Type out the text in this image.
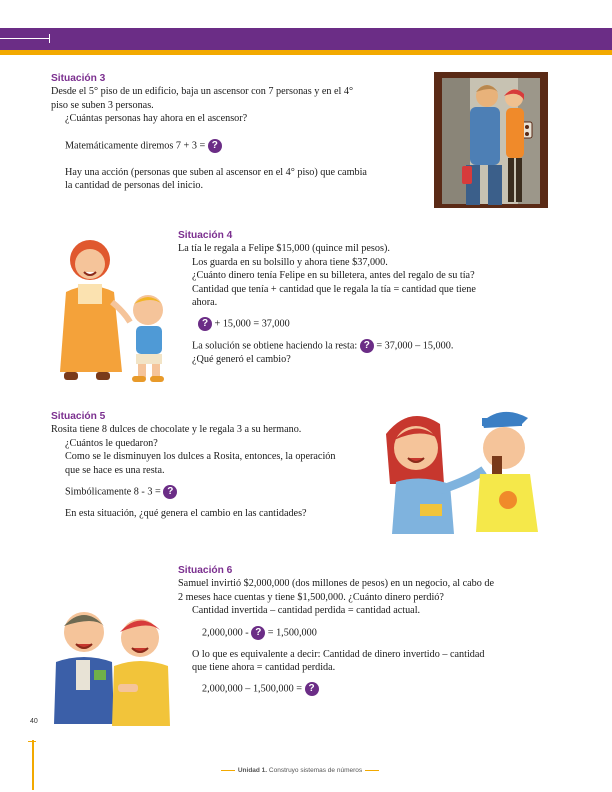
Situación 3
Desde el 5° piso de un edificio, baja un ascensor con 7 personas y en el 4°
piso se suben 3 personas.
¿Cuántas personas hay ahora en el ascensor?
Matemáticamente diremos 7 + 3 = ?
Hay una acción (personas que suben al ascensor en el 4° piso) que cambia
la cantidad de personas del inicio.
Situación 4
La tía le regala a Felipe $15,000 (quince mil pesos).
Los guarda en su bolsillo y ahora tiene $37,000.
¿Cuánto dinero tenía Felipe en su billetera, antes del regalo de su tía?
Cantidad que tenía + cantidad que le regala la tía = cantidad que tiene
ahora.
? + 15,000 = 37,000
La solución se obtiene haciendo la resta: ? = 37,000 – 15,000.
¿Qué generó el cambio?
Situación 5
Rosita tiene 8 dulces de chocolate y le regala 3 a su hermano.
¿Cuántos le quedaron?
Como se le disminuyen los dulces a Rosita, entonces, la operación
que se hace es una resta.
Simbólicamente 8 - 3 = ?
En esta situación, ¿qué genera el cambio en las cantidades?
Situación 6
Samuel invirtió $2,000,000 (dos millones de pesos) en un negocio, al cabo de
2 meses hace cuentas y tiene $1,500,000. ¿Cuánto dinero perdió?
Cantidad invertida – cantidad perdida = cantidad actual.
2,000,000 - ? = 1,500,000
O lo que es equivalente a decir: Cantidad de dinero invertido – cantidad
que tiene ahora = cantidad perdida.
2,000,000 – 1,500,000 = ?
40
Unidad 1. Construyo sistemas de números
